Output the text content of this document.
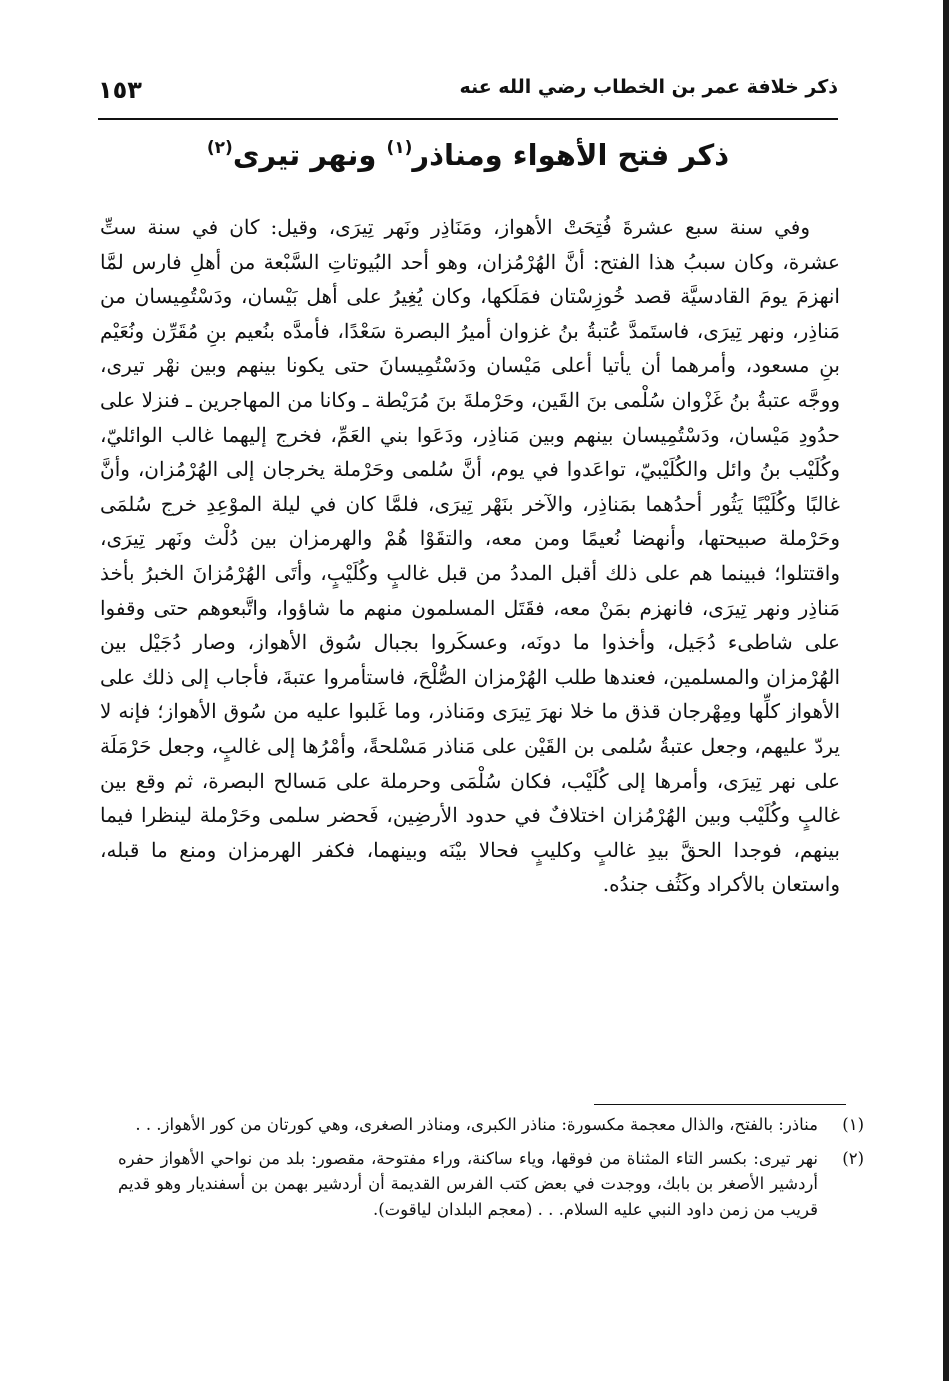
ذكر خلافة عمر بن الخطاب رضي الله عنه
١٥٣
ذكر فتح الأهواء ومناذر$^{(١)}$ ونهر تيرى$^{(٢)}$

وفي سنة سبع عشرةَ فُتِحَتْ الأهواز، ومَنَاذِر ونَهر تِيرَى، وقيل: كان في سنة ستِّ عشرة، وكان سببُ هذا الفتح: أنَّ الهُرْمُزان، وهو أحد البُيوتاتِ السَّبْعة من أهلِ فارس لمَّا انهزمَ يومَ القادسيَّة قصد خُوزِسْتان فمَلَكها، وكان يُغِيرُ على أهل بَيْسان، ودَسْتُمِيسان من مَناذِر، ونهر تِيرَى، فاستَمدَّ عُتبةُ بنُ غزوان أميرُ البصرة سَعْدًا، فأمدَّه بنُعيم بنِ مُقَرِّن ونُعَيْم بنِ مسعود، وأمرهما أن يأتيا أعلى مَيْسان ودَسْتُمِيسانَ حتى يكونا بينهم وبين نهْر تيرى، ووجَّه عتبةُ بنُ غَزْوان سُلْمى بنَ القَين، وحَرْملةَ بنَ مُرَيْطة ـ وكانا من المهاجرين ـ فنزلا على حدُودِ مَيْسان، ودَسْتُمِيسان بينهم وبين مَناذِر، ودَعَوا بني العَمِّ، فخرج إليهما غالب الوائليّ، وكُلَيْب بنُ وائل والكُلَيْبيّ، تواعَدوا في يوم، أنَّ سُلمى وحَرْملة يخرجان إلى الهُرْمُزان، وأنَّ غالبًا وكُلَيْبًا يَثُور أحدُهما بمَناذِر، والآخر بنَهْر تِيرَى، فلمَّا كان في ليلة الموْعِدِ خرج سُلمَى وحَرْملة صبيحتها، وأنهضا نُعيمًا ومن معه، والتقَوْا هُمْ والهرمزان بين دُلْث ونَهر تِيرَى، واقتتلوا؛ فبينما هم على ذلك أقبل المددُ من قبل غالبٍ وكُلَيْبٍ، وأتَى الهُرْمُزانَ الخبرُ بأخذ مَناذِر ونهر تِيرَى، فانهزم بمَنْ معه، فقَتَل المسلمون منهم ما شاؤوا، واتَّبعوهم حتى وقفوا على شاطىء دُجَيل، وأخذوا ما دونَه، وعسكَروا بجبال سُوق الأهواز، وصار دُجَيْل بين الهُرْمزان والمسلمين، فعندها طلب الهُرْمزان الصُّلْحَ، فاستأمروا عتبةَ، فأجاب إلى ذلك على الأهواز كلِّها ومِهْرجان قذق ما خلا نهرَ تِيرَى ومَناذر، وما غَلبوا عليه من سُوق الأهواز؛ فإنه لا يردّ عليهم، وجعل عتبةُ سُلمى بن القَيْن على مَناذر مَسْلحةً، وأمْرُها إلى غالبٍ، وجعل حَرْمَلَة على نهر تِيرَى، وأمرها إلى كُلَيْب، فكان سُلْمَى وحرملة على مَسالح البصرة، ثم وقع بين غالبٍ وكُلَيْب وبين الهُرْمُزان اختلافٌ في حدود الأرضِين، فَحضر سلمى وحَرْملة لينظرا فيما بينهم، فوجدا الحقَّ بيدِ غالبٍ وكليبٍ فحالا بيْنَه وبينهما، فكفر الهرمزان ومنع ما قبله، واستعان بالأكراد وكَثُف جندُه.

(١)
مناذر: بالفتح، والذال معجمة مكسورة: مناذر الكبرى، ومناذر الصغرى، وهي كورتان من كور الأهواز. . .
(٢)
نهر تيرى: بكسر التاء المثناة من فوقها، وياء ساكنة، وراء مفتوحة، مقصور: بلد من نواحي الأهواز حفره أردشير الأصغر بن بابك، ووجدت في بعض كتب الفرس القديمة أن أردشير بهمن بن أسفنديار وهو قديم قريب من زمن داود النبي عليه السلام. . . (معجم البلدان لياقوت).
